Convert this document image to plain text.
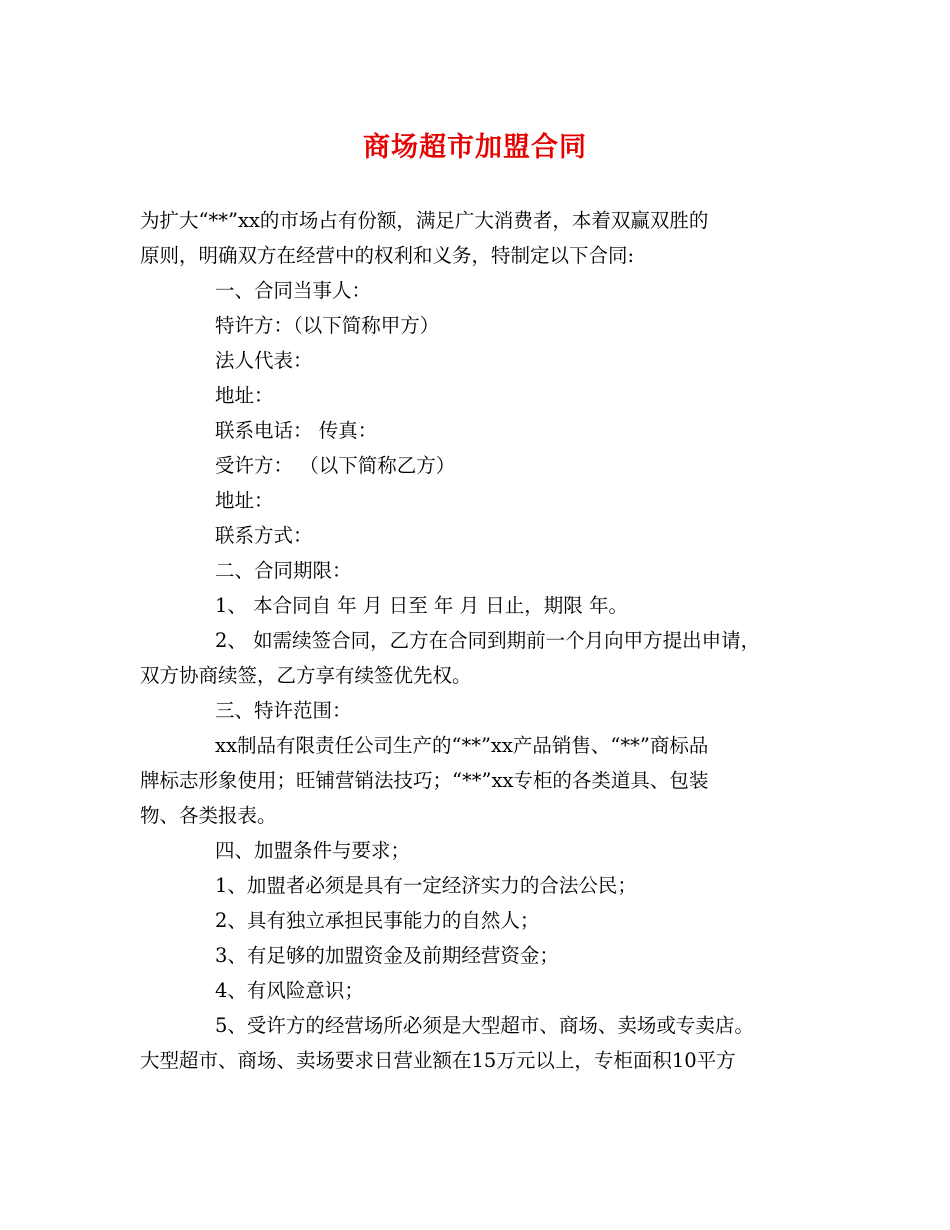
商场超市加盟合同
为扩大“**”xx的市场占有份额，满足广大消费者，本着双赢双胜的
原则，明确双方在经营中的权利和义务，特制定以下合同:
一、合同当事人：
特许方：（以下简称甲方）
法人代表：
地址：
联系电话： 传真：
受许方： （以下简称乙方）
地址：
联系方式：
二、合同期限：
1、 本合同自 年 月 日至 年 月 日止，期限 年。
2、 如需续签合同，乙方在合同到期前一个月向甲方提出申请，
双方协商续签，乙方享有续签优先权。
三、特许范围：
xx制品有限责任公司生产的“**”xx产品销售、“**”商标品
牌标志形象使用；旺铺营销法技巧；“**”xx专柜的各类道具、包装
物、各类报表。
四、加盟条件与要求；
1、加盟者必须是具有一定经济实力的合法公民；
2、具有独立承担民事能力的自然人；
3、有足够的加盟资金及前期经营资金；
4、有风险意识；
5、受许方的经营场所必须是大型超市、商场、卖场或专卖店。
大型超市、商场、卖场要求日营业额在15万元以上，专柜面积10平方
